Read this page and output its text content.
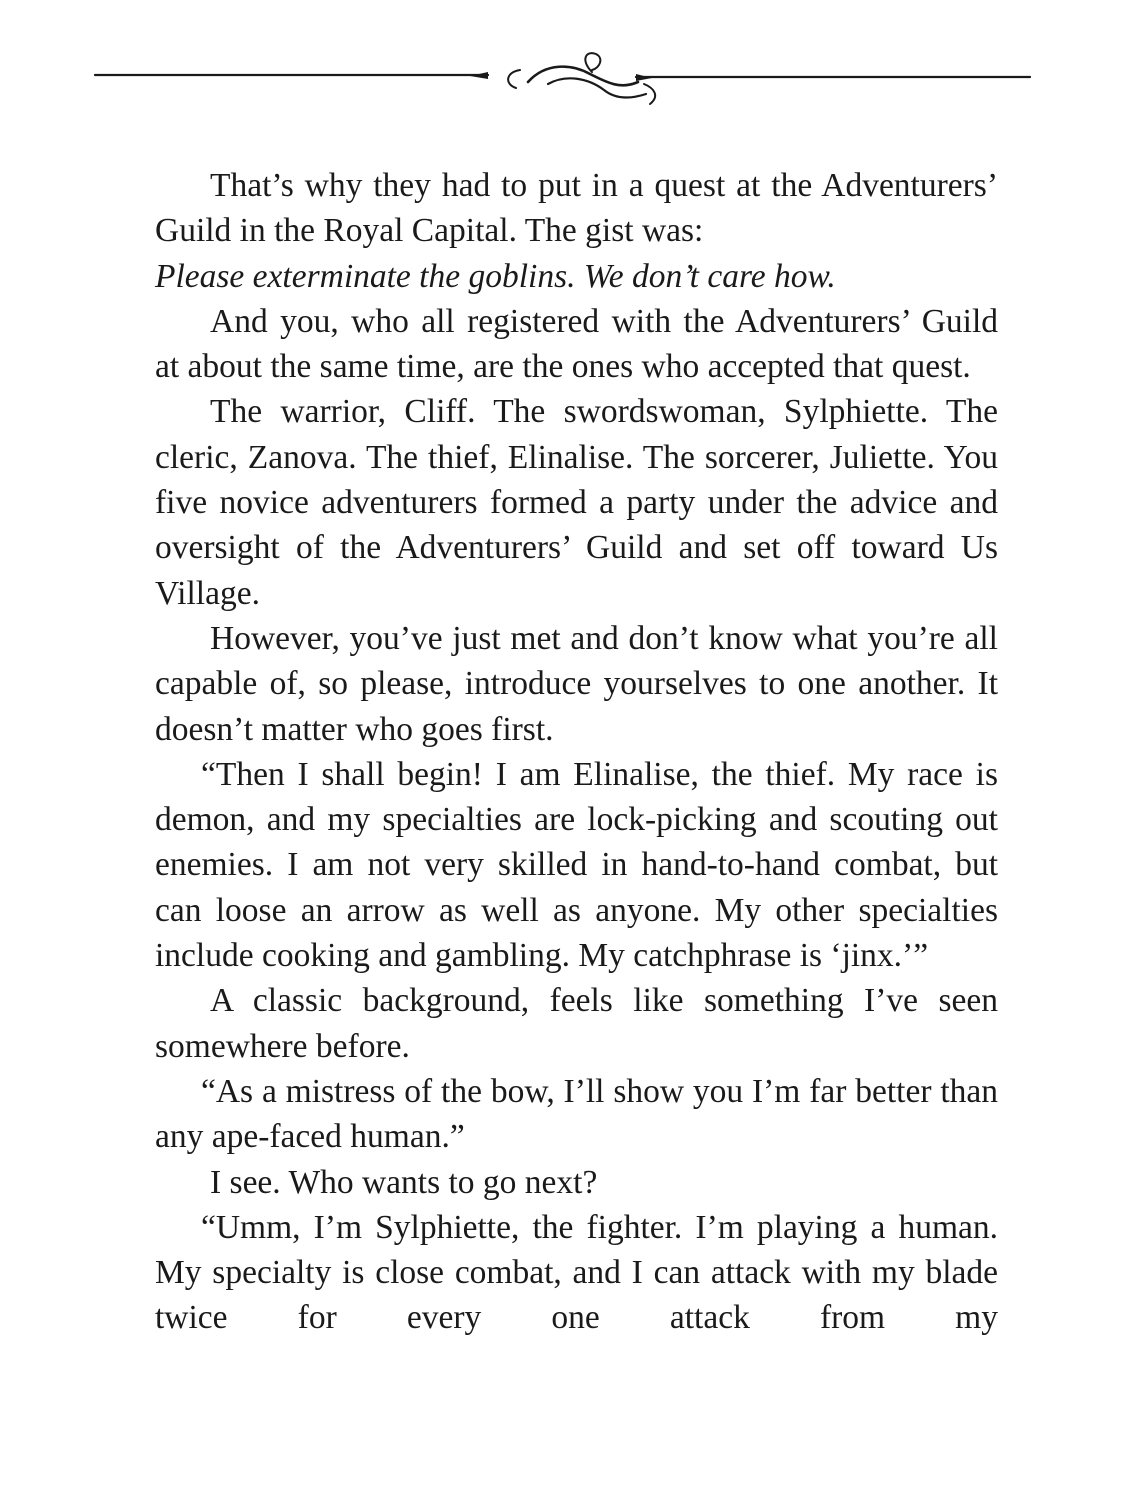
That’s why they had to put in a quest at the Adventurers’ Guild in the Royal Capital. The gist was:

Please exterminate the goblins. We don’t care how.

And you, who all registered with the Adventurers’ Guild at about the same time, are the ones who accepted that quest.

The warrior, Cliff. The swordswoman, Sylphiette. The cleric, Zanova. The thief, Elinalise. The sorcerer, Juliette. You five novice adventurers formed a party under the advice and oversight of the Adventurers’ Guild and set off toward Us Village.

However, you’ve just met and don’t know what you’re all capable of, so please, introduce yourselves to one another. It doesn’t matter who goes first.

“Then I shall begin! I am Elinalise, the thief. My race is demon, and my specialties are lock-picking and scouting out enemies. I am not very skilled in hand-to-hand combat, but can loose an arrow as well as anyone. My other specialties include cooking and gambling. My catchphrase is ‘jinx.’”

A classic background, feels like something I’ve seen somewhere before.

“As a mistress of the bow, I’ll show you I’m far better than any ape-faced human.”

I see. Who wants to go next?

“Umm, I’m Sylphiette, the fighter. I’m playing a human. My specialty is close combat, and I can attack with my blade twice for every one attack from my
